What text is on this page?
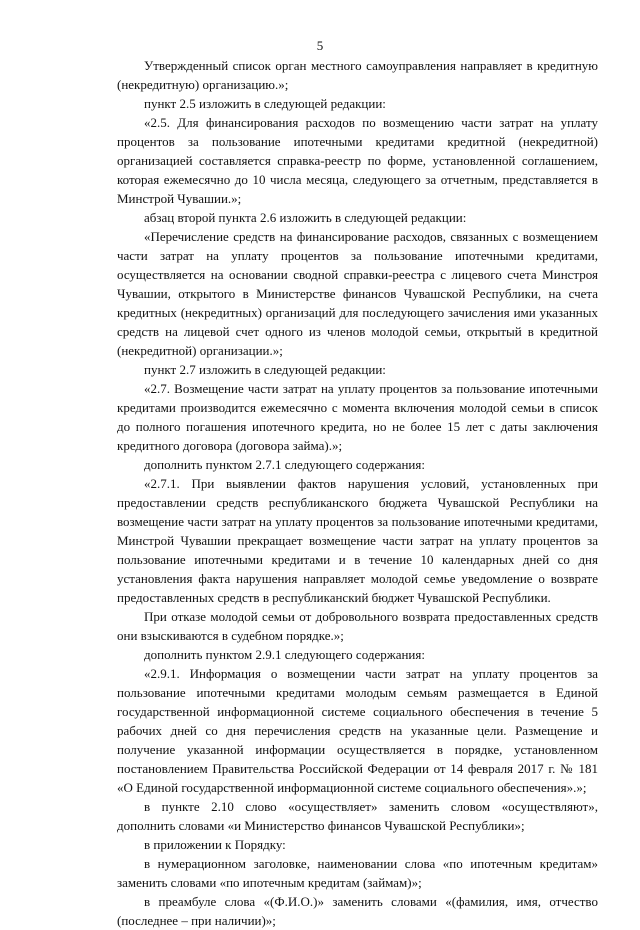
5

Утвержденный список орган местного самоуправления направляет в кредитную (некредитную) организацию.»;

пункт 2.5 изложить в следующей редакции:

«2.5. Для финансирования расходов по возмещению части затрат на уплату процентов за пользование ипотечными кредитами кредитной (некредитной) организацией составляется справка-реестр по форме, установленной соглашением, которая ежемесячно до 10 числа месяца, следующего за отчетным, представляется в Минстрой Чувашии.»;

абзац второй пункта 2.6 изложить в следующей редакции:

«Перечисление средств на финансирование расходов, связанных с возмещением части затрат на уплату процентов за пользование ипотечными кредитами, осуществляется на основании сводной справки-реестра с лицевого счета Минстроя Чувашии, открытого в Министерстве финансов Чувашской Республики, на счета кредитных (некредитных) организаций для последующего зачисления ими указанных средств на лицевой счет одного из членов молодой семьи, открытый в кредитной (некредитной) организации.»;

пункт 2.7 изложить в следующей редакции:

«2.7. Возмещение части затрат на уплату процентов за пользование ипотечными кредитами производится ежемесячно с момента включения молодой семьи в список до полного погашения ипотечного кредита, но не более 15 лет с даты заключения кредитного договора (договора займа).»;

дополнить пунктом 2.7.1 следующего содержания:

«2.7.1. При выявлении фактов нарушения условий, установленных при предоставлении средств республиканского бюджета Чувашской Республики на возмещение части затрат на уплату процентов за пользование ипотечными кредитами, Минстрой Чувашии прекращает возмещение части затрат на уплату процентов за пользование ипотечными кредитами и в течение 10 календарных дней со дня установления факта нарушения направляет молодой семье уведомление о возврате предоставленных средств в республиканский бюджет Чувашской Республики.

При отказе молодой семьи от добровольного возврата предоставленных средств они взыскиваются в судебном порядке.»;

дополнить пунктом 2.9.1 следующего содержания:

«2.9.1. Информация о возмещении части затрат на уплату процентов за пользование ипотечными кредитами молодым семьям размещается в Единой государственной информационной системе социального обеспечения в течение 5 рабочих дней со дня перечисления средств на указанные цели. Размещение и получение указанной информации осуществляется в порядке, установленном постановлением Правительства Российской Федерации от 14 февраля 2017 г. № 181 «О Единой государственной информационной системе социального обеспечения».»;

в пункте 2.10 слово «осуществляет» заменить словом «осуществляют», дополнить словами «и Министерство финансов Чувашской Республики»;

в приложении к Порядку:

в нумерационном заголовке, наименовании слова «по ипотечным кредитам» заменить словами «по ипотечным кредитам (займам)»;

в преамбуле слова «(Ф.И.О.)» заменить словами «(фамилия, имя, отчество (последнее – при наличии)»;
